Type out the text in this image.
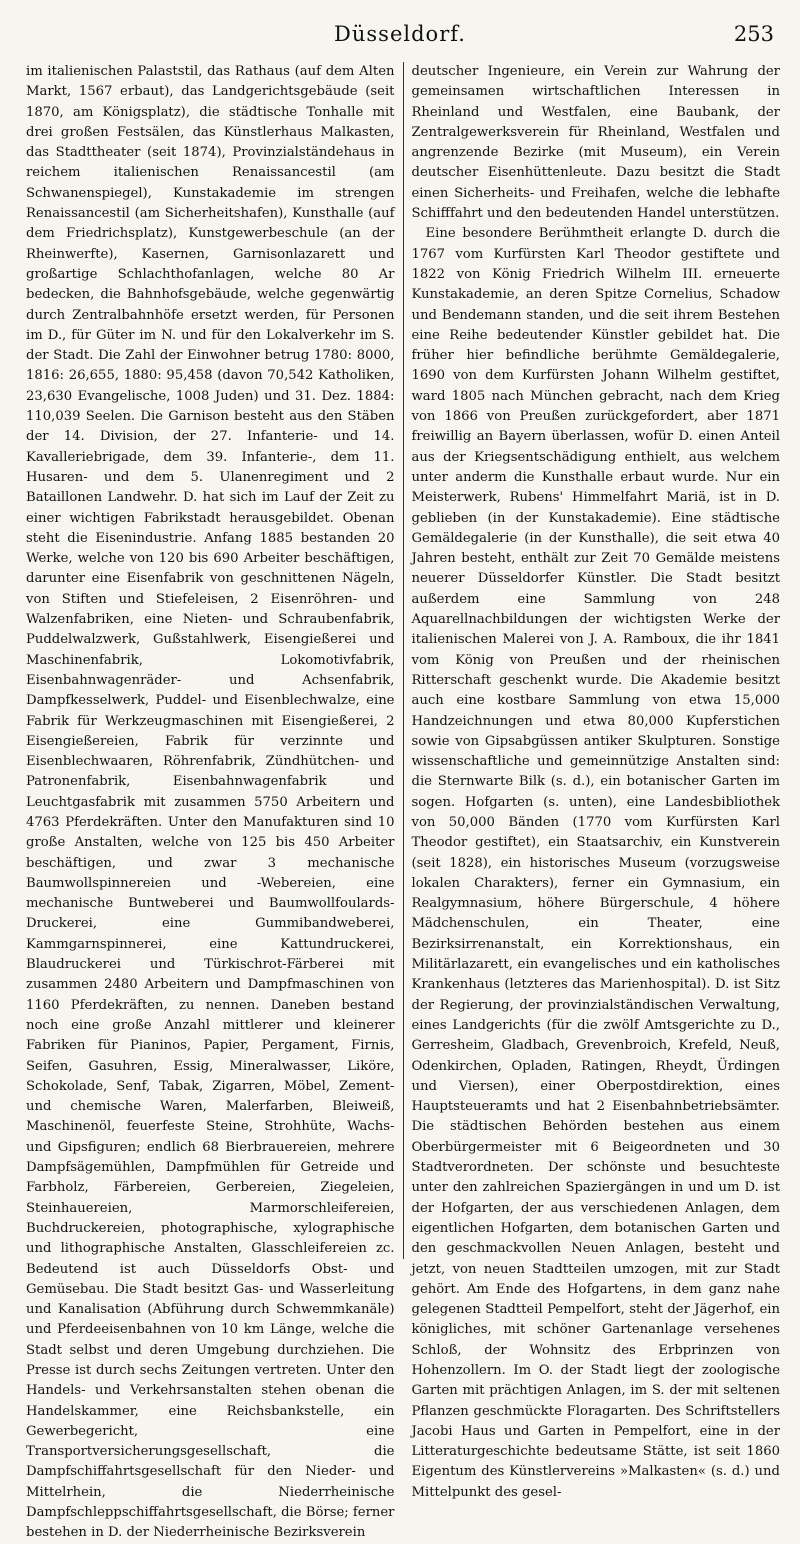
Düsseldorf.	253

im italienischen Palaststil, das Rathaus (auf dem Alten Markt, 1567 erbaut), das Landgerichtsgebäude (seit 1870, am Königsplatz), die städtische Tonhalle mit drei großen Festsälen, das Künstlerhaus Malkasten, das Stadttheater (seit 1874), Provinzialständehaus in reichem italienischen Renaissancestil (am Schwanenspiegel), Kunstakademie im strengen Renaissancestil (am Sicherheitshafen), Kunsthalle (auf dem Friedrichsplatz), Kunstgewerbeschule (an der Rheinwerfte), Kasernen, Garnisonlazarett und großartige Schlachthofanlagen, welche 80 Ar bedecken, die Bahnhofsgebäude, welche gegenwärtig durch Zentralbahnhöfe ersetzt werden, für Personen im D., für Güter im N. und für den Lokalverkehr im S. der Stadt. Die Zahl der Einwohner betrug 1780: 8000, 1816: 26,655, 1880: 95,458 (davon 70,542 Katholiken, 23,630 Evangelische, 1008 Juden) und 31. Dez. 1884: 110,039 Seelen. Die Garnison besteht aus den Stäben der 14. Division, der 27. Infanterie- und 14. Kavalleriebrigade, dem 39. Infanterie-, dem 11. Husaren- und dem 5. Ulanenregiment und 2 Bataillonen Landwehr. D. hat sich im Lauf der Zeit zu einer wichtigen Fabrikstadt herausgebildet. Obenan steht die Eisenindustrie. Anfang 1885 bestanden 20 Werke, welche von 120 bis 690 Arbeiter beschäftigen, darunter eine Eisenfabrik von geschnittenen Nägeln, von Stiften und Stiefeleisen, 2 Eisenröhren- und Walzenfabriken, eine Nieten- und Schraubenfabrik, Puddelwalzwerk, Gußstahlwerk, Eisengießerei und Maschinenfabrik, Lokomotivfabrik, Eisenbahnwagenräder- und Achsenfabrik, Dampfkesselwerk, Puddel- und Eisenblechwalze, eine Fabrik für Werkzeugmaschinen mit Eisengießerei, 2 Eisengießereien, Fabrik für verzinnte und Eisenblechwaaren, Röhrenfabrik, Zündhütchen- und Patronenfabrik, Eisenbahnwagenfabrik und Leuchtgasfabrik mit zusammen 5750 Arbeitern und 4763 Pferdekräften. Unter den Manufakturen sind 10 große Anstalten, welche von 125 bis 450 Arbeiter beschäftigen, und zwar 3 mechanische Baumwollspinnereien und -Webereien, eine mechanische Buntweberei und Baumwollfoulards-Druckerei, eine Gummibandweberei, Kammgarnspinnerei, eine Kattundruckerei, Blaudruckerei und Türkischrot-Färberei mit zusammen 2480 Arbeitern und Dampfmaschinen von 1160 Pferdekräften, zu nennen. Daneben bestand noch eine große Anzahl mittlerer und kleinerer Fabriken für Pianinos, Papier, Pergament, Firnis, Seifen, Gasuhren, Essig, Mineralwasser, Liköre, Schokolade, Senf, Tabak, Zigarren, Möbel, Zement- und chemische Waren, Malerfarben, Bleiweiß, Maschinenöl, feuerfeste Steine, Strohhüte, Wachs- und Gipsfiguren; endlich 68 Bierbrauereien, mehrere Dampfsägemühlen, Dampfmühlen für Getreide und Farbholz, Färbereien, Gerbereien, Ziegeleien, Steinhauereien, Marmorschleifereien, Buchdruckereien, photographische, xylographische und lithographische Anstalten, Glasschleifereien zc. Bedeutend ist auch Düsseldorfs Obst- und Gemüsebau. Die Stadt besitzt Gas- und Wasserleitung und Kanalisation (Abführung durch Schwemmkanäle) und Pferdeeisenbahnen von 10 km Länge, welche die Stadt selbst und deren Umgebung durchziehen. Die Presse ist durch sechs Zeitungen vertreten. Unter den Handels- und Verkehrsanstalten stehen obenan die Handelskammer, eine Reichsbankstelle, ein Gewerbegericht, eine Transportversicherungsgesellschaft, die Dampfschiffahrtsgesellschaft für den Nieder- und Mittelrhein, die Niederrheinische Dampfschleppschiffahrtsgesellschaft, die Börse; ferner bestehen in D. der Niederrheinische Bezirksverein

deutscher Ingenieure, ein Verein zur Wahrung der gemeinsamen wirtschaftlichen Interessen in Rheinland und Westfalen, eine Baubank, der Zentralgewerksverein für Rheinland, Westfalen und angrenzende Bezirke (mit Museum), ein Verein deutscher Eisenhüttenleute. Dazu besitzt die Stadt einen Sicherheits- und Freihafen, welche die lebhafte Schifffahrt und den bedeutenden Handel unterstützen.

Eine besondere Berühmtheit erlangte D. durch die 1767 vom Kurfürsten Karl Theodor gestiftete und 1822 von König Friedrich Wilhelm III. erneuerte Kunstakademie, an deren Spitze Cornelius, Schadow und Bendemann standen, und die seit ihrem Bestehen eine Reihe bedeutender Künstler gebildet hat. Die früher hier befindliche berühmte Gemäldegalerie, 1690 von dem Kurfürsten Johann Wilhelm gestiftet, ward 1805 nach München gebracht, nach dem Krieg von 1866 von Preußen zurückgefordert, aber 1871 freiwillig an Bayern überlassen, wofür D. einen Anteil aus der Kriegsentschädigung enthielt, aus welchem unter anderm die Kunsthalle erbaut wurde. Nur ein Meisterwerk, Rubens' Himmelfahrt Mariä, ist in D. geblieben (in der Kunstakademie). Eine städtische Gemäldegalerie (in der Kunsthalle), die seit etwa 40 Jahren besteht, enthält zur Zeit 70 Gemälde meistens neuerer Düsseldorfer Künstler. Die Stadt besitzt außerdem eine Sammlung von 248 Aquarellnachbildungen der wichtigsten Werke der italienischen Malerei von J. A. Ramboux, die ihr 1841 vom König von Preußen und der rheinischen Ritterschaft geschenkt wurde. Die Akademie besitzt auch eine kostbare Sammlung von etwa 15,000 Handzeichnungen und etwa 80,000 Kupferstichen sowie von Gipsabgüssen antiker Skulpturen. Sonstige wissenschaftliche und gemeinnützige Anstalten sind: die Sternwarte Bilk (s. d.), ein botanischer Garten im sogen. Hofgarten (s. unten), eine Landesbibliothek von 50,000 Bänden (1770 vom Kurfürsten Karl Theodor gestiftet), ein Staatsarchiv, ein Kunstverein (seit 1828), ein historisches Museum (vorzugsweise lokalen Charakters), ferner ein Gymnasium, ein Realgymnasium, höhere Bürgerschule, 4 höhere Mädchenschulen, ein Theater, eine Bezirksirrenanstalt, ein Korrektionshaus, ein Militärlazarett, ein evangelisches und ein katholisches Krankenhaus (letzteres das Marienhospital). D. ist Sitz der Regierung, der provinzialständischen Verwaltung, eines Landgerichts (für die zwölf Amtsgerichte zu D., Gerresheim, Gladbach, Grevenbroich, Krefeld, Neuß, Odenkirchen, Opladen, Ratingen, Rheydt, Ürdingen und Viersen), einer Oberpostdirektion, eines Hauptsteueramts und hat 2 Eisenbahnbetriebsämter. Die städtischen Behörden bestehen aus einem Oberbürgermeister mit 6 Beigeordneten und 30 Stadtverordneten. Der schönste und besuchteste unter den zahlreichen Spaziergängen in und um D. ist der Hofgarten, der aus verschiedenen Anlagen, dem eigentlichen Hofgarten, dem botanischen Garten und den geschmackvollen Neuen Anlagen, besteht und jetzt, von neuen Stadtteilen umzogen, mit zur Stadt gehört. Am Ende des Hofgartens, in dem ganz nahe gelegenen Stadtteil Pempelfort, steht der Jägerhof, ein königliches, mit schöner Gartenanlage versehenes Schloß, der Wohnsitz des Erbprinzen von Hohenzollern. Im O. der Stadt liegt der zoologische Garten mit prächtigen Anlagen, im S. der mit seltenen Pflanzen geschmückte Floragarten. Des Schriftstellers Jacobi Haus und Garten in Pempelfort, eine in der Litteraturgeschichte bedeutsame Stätte, ist seit 1860 Eigentum des Künstlervereins »Malkasten« (s. d.) und Mittelpunkt des gesel-
